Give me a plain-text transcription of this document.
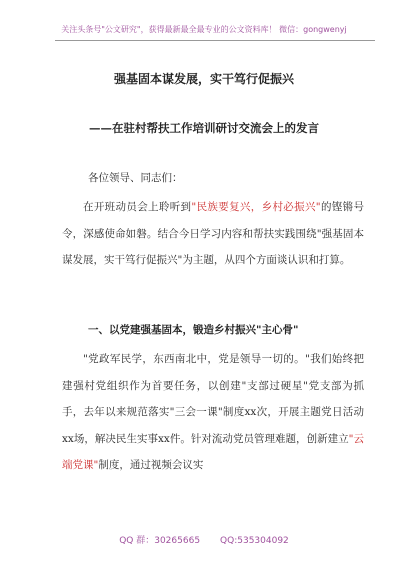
关注头条号"公文研究"，获得最新最全最专业的公文资料库！ 微信：gongwenyj
强基固本谋发展，实干笃行促振兴
——在驻村帮扶工作培训研讨交流会上的发言
各位领导、同志们：

在开班动员会上聆听到"民族要复兴，乡村必振兴"的铿锵号令，深感使命如磐。结合今日学习内容和帮扶实践围绕"强基固本谋发展，实干笃行促振兴"为主题，从四个方面谈认识和打算。

一、以党建强基固本，锻造乡村振兴"主心骨"

"党政军民学，东西南北中，党是领导一切的。"我们始终把建强村党组织作为首要任务，以创建"支部过硬星"党支部为抓手，去年以来规范落实"三会一课"制度xx次，开展主题党日活动xx场，解决民生实事xx件。针对流动党员管理难题，创新建立"云端党课"制度，通过视频会议实

QQ 群：30265665 QQ:535304092
